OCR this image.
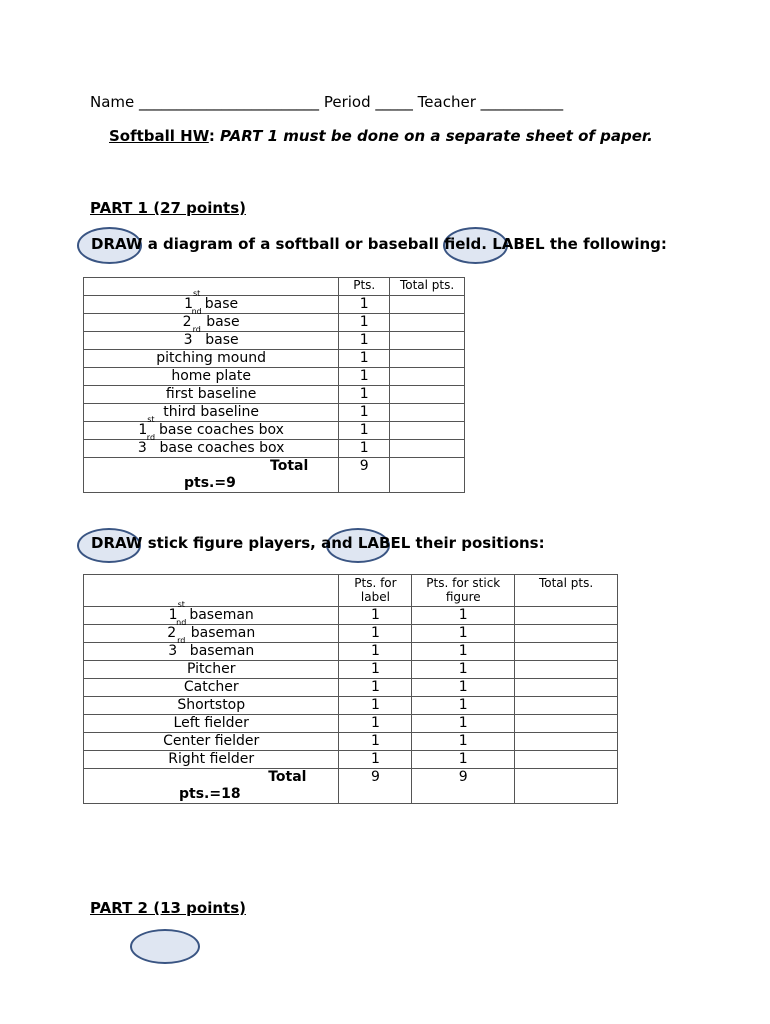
Name ________________________ Period _____ Teacher ___________
Softball HW: PART 1 must be done on a separate sheet of paper.
PART 1 (27 points)
DRAW a diagram of a softball or baseball field. LABEL the following:
	Pts.	Total pts.
1st base	1	
2nd base	1	
3rd base	1	
pitching mound	1	
home plate	1	
first baseline	1	
third baseline	1	
1st base coaches box	1	
3rd base coaches box	1	

Total
pts.=9	9	
DRAW stick figure players, and LABEL their positions:
	Pts. for label	Pts. for stick figure	Total pts.
1st baseman	1	1	
2nd baseman	1	1	
3rd baseman	1	1	
Pitcher	1	1	
Catcher	1	1	
Shortstop	1	1	
Left fielder	1	1	
Center fielder	1	1	
Right fielder	1	1	

Total
pts.=18	9	9	
PART 2 (13 points)
